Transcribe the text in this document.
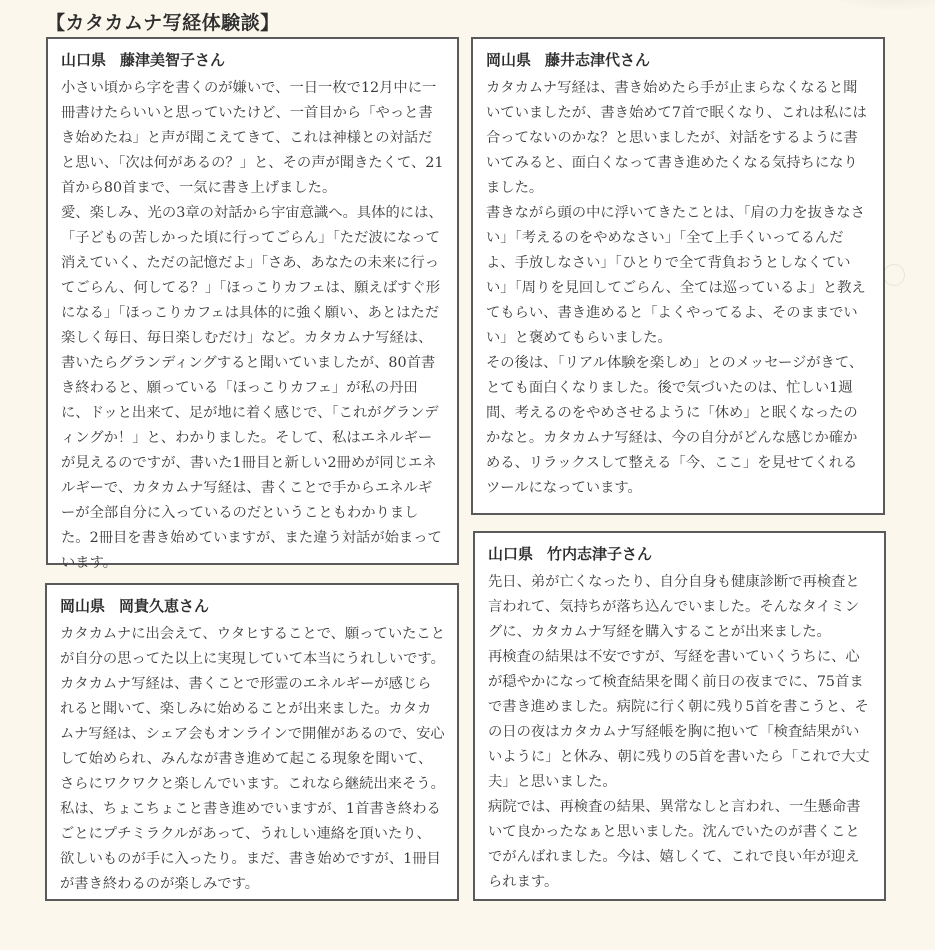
【カタカムナ写経体験談】
山口県 藤津美智子さん

小さい頃から字を書くのが嫌いで、一日一枚で12月中に一冊書けたらいいと思っていたけど、一首目から「やっと書き始めたね」と声が聞こえてきて、これは神様との対話だと思い、「次は何があるの？」と、その声が聞きたくて、21首から80首まで、一気に書き上げました。

愛、楽しみ、光の3章の対話から宇宙意識へ。具体的には、「子どもの苦しかった頃に行ってごらん」「ただ波になって消えていく、ただの記憶だよ」「さあ、あなたの未来に行ってごらん、何してる？」「ほっこりカフェは、願えばすぐ形になる」「ほっこりカフェは具体的に強く願い、あとはただ楽しく毎日、毎日楽しむだけ」など。カタカムナ写経は、書いたらグランディングすると聞いていましたが、80首書き終わると、願っている「ほっこりカフェ」が私の丹田に、ドッと出来て、足が地に着く感じで、「これがグランディングか！」と、わかりました。そして、私はエネルギーが見えるのですが、書いた1冊目と新しい2冊めが同じエネルギーで、カタカムナ写経は、書くことで手からエネルギーが全部自分に入っているのだということもわかりました。2冊目を書き始めていますが、また違う対話が始まっています。

岡山県 藤井志津代さん

カタカムナ写経は、書き始めたら手が止まらなくなると聞いていましたが、書き始めて7首で眠くなり、これは私には合ってないのかな？と思いましたが、対話をするように書いてみると、面白くなって書き進めたくなる気持ちになりました。

書きながら頭の中に浮いてきたことは、「肩の力を抜きなさい」「考えるのをやめなさい」「全て上手くいってるんだよ、手放しなさい」「ひとりで全て背負おうとしなくていい」「周りを見回してごらん、全ては巡っているよ」と教えてもらい、書き進めると「よくやってるよ、そのままでいい」と褒めてもらいました。

その後は、「リアル体験を楽しめ」とのメッセージがきて、とても面白くなりました。後で気づいたのは、忙しい1週間、考えるのをやめさせるように「休め」と眠くなったのかなと。カタカムナ写経は、今の自分がどんな感じか確かめる、リラックスして整える「今、ここ」を見せてくれるツールになっています。

岡山県 岡貴久恵さん

カタカムナに出会えて、ウタヒすることで、願っていたことが自分の思ってた以上に実現していて本当にうれしいです。カタカムナ写経は、書くことで形霊のエネルギーが感じられると聞いて、楽しみに始めることが出来ました。カタカムナ写経は、シェア会もオンラインで開催があるので、安心して始められ、みんなが書き進めて起こる現象を聞いて、さらにワクワクと楽しんでいます。これなら継続出来そう。私は、ちょこちょこと書き進めでいますが、1首書き終わるごとにプチミラクルがあって、うれしい連絡を頂いたり、欲しいものが手に入ったり。まだ、書き始めですが、1冊目が書き終わるのが楽しみです。

山口県 竹内志津子さん

先日、弟が亡くなったり、自分自身も健康診断で再検査と言われて、気持ちが落ち込んでいました。そんなタイミングに、カタカムナ写経を購入することが出来ました。

再検査の結果は不安ですが、写経を書いていくうちに、心が穏やかになって検査結果を聞く前日の夜までに、75首まで書き進めました。病院に行く朝に残り5首を書こうと、その日の夜はカタカムナ写経帳を胸に抱いて「検査結果がいいように」と休み、朝に残りの5首を書いたら「これで大丈夫」と思いました。

病院では、再検査の結果、異常なしと言われ、一生懸命書いて良かったなぁと思いました。沈んでいたのが書くことでがんばれました。今は、嬉しくて、これで良い年が迎えられます。
